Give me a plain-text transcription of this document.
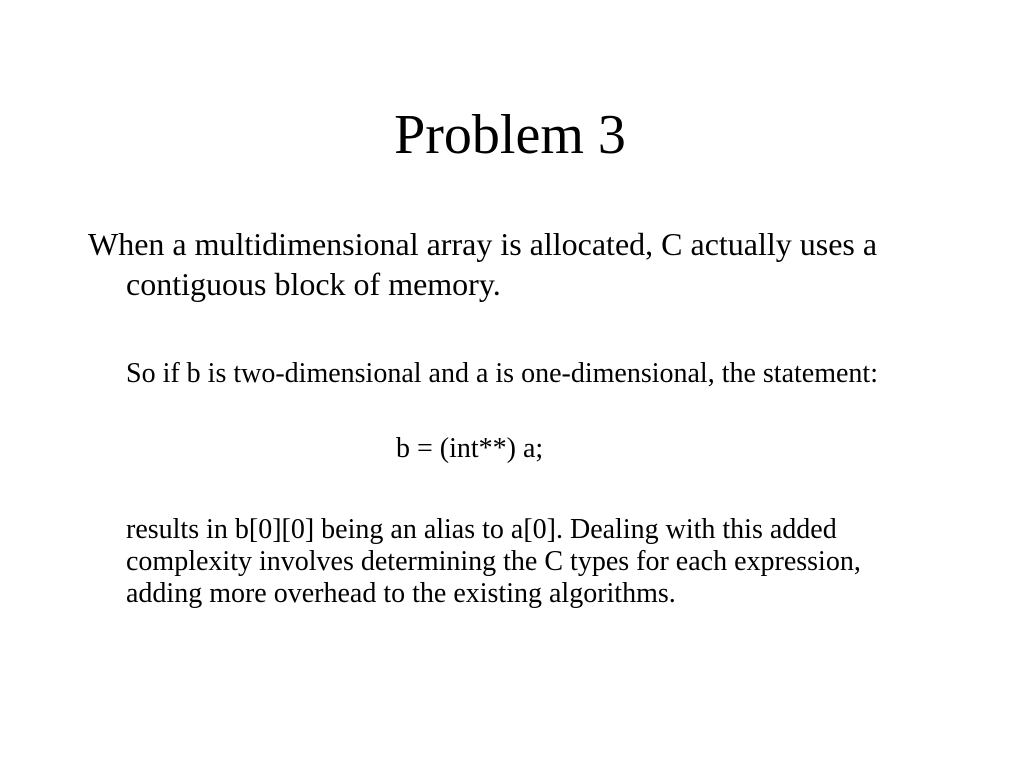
Problem 3
When a multidimensional array is allocated, C actually uses a contiguous block of memory.
So if b is two-dimensional and a is one-dimensional, the statement:
b = (int**) a;
results in b[0][0] being an alias to a[0]. Dealing with this added complexity involves determining the C types for each expression, adding more overhead to the existing algorithms.
